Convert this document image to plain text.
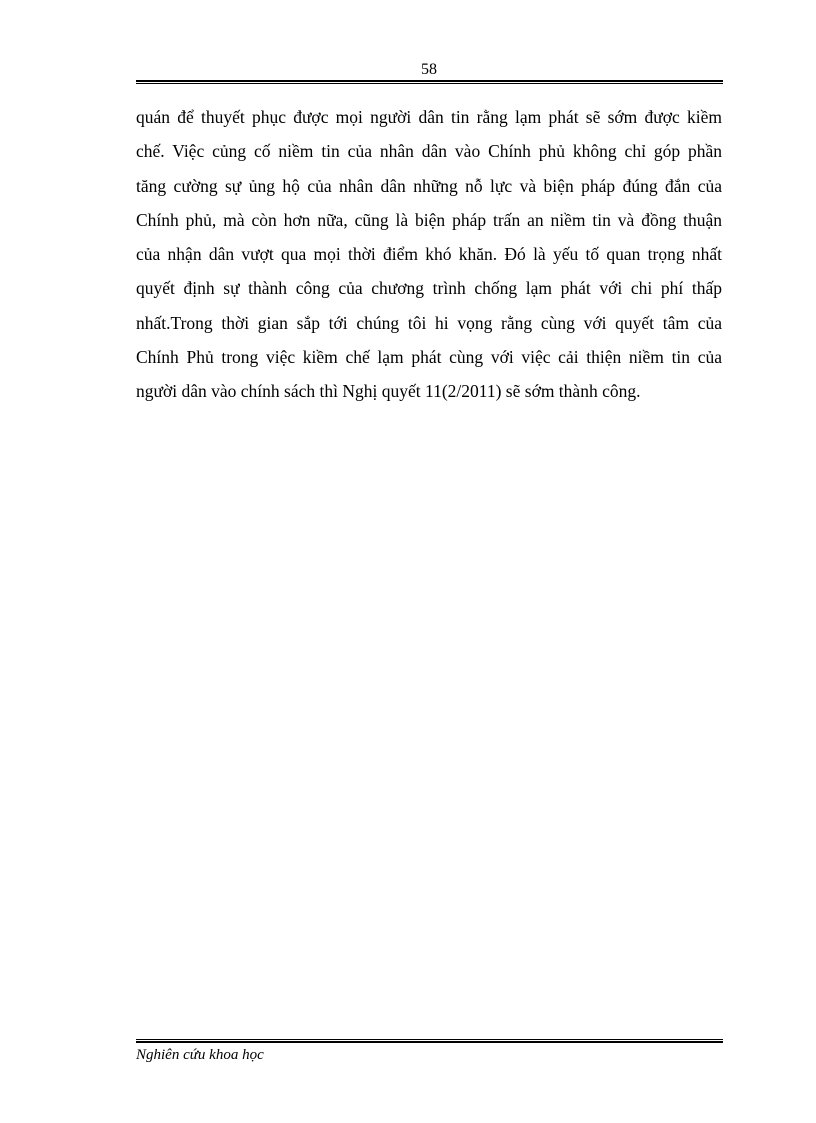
58
quán để thuyết phục được mọi người dân tin rằng lạm phát sẽ sớm được kiềm
chế. Việc củng cố niềm tin của nhân dân vào Chính phủ không chỉ góp phần
tăng cường sự ủng hộ của nhân dân những nỗ lực và biện pháp đúng đắn của
Chính phủ, mà còn hơn nữa, cũng là biện pháp trấn an niềm tin và đồng thuận
của nhận dân vượt qua mọi thời điểm khó khăn. Đó là yếu tố quan trọng nhất
quyết định sự thành công của chương trình chống lạm phát với chi phí thấp
nhất.Trong thời gian sắp tới chúng tôi hi vọng rằng cùng với quyết tâm của
Chính Phủ trong việc kiềm chế lạm phát cùng với việc cải thiện niềm tin của
người dân vào chính sách thì Nghị quyết 11(2/2011) sẽ sớm thành công.
Nghiên cứu khoa học
